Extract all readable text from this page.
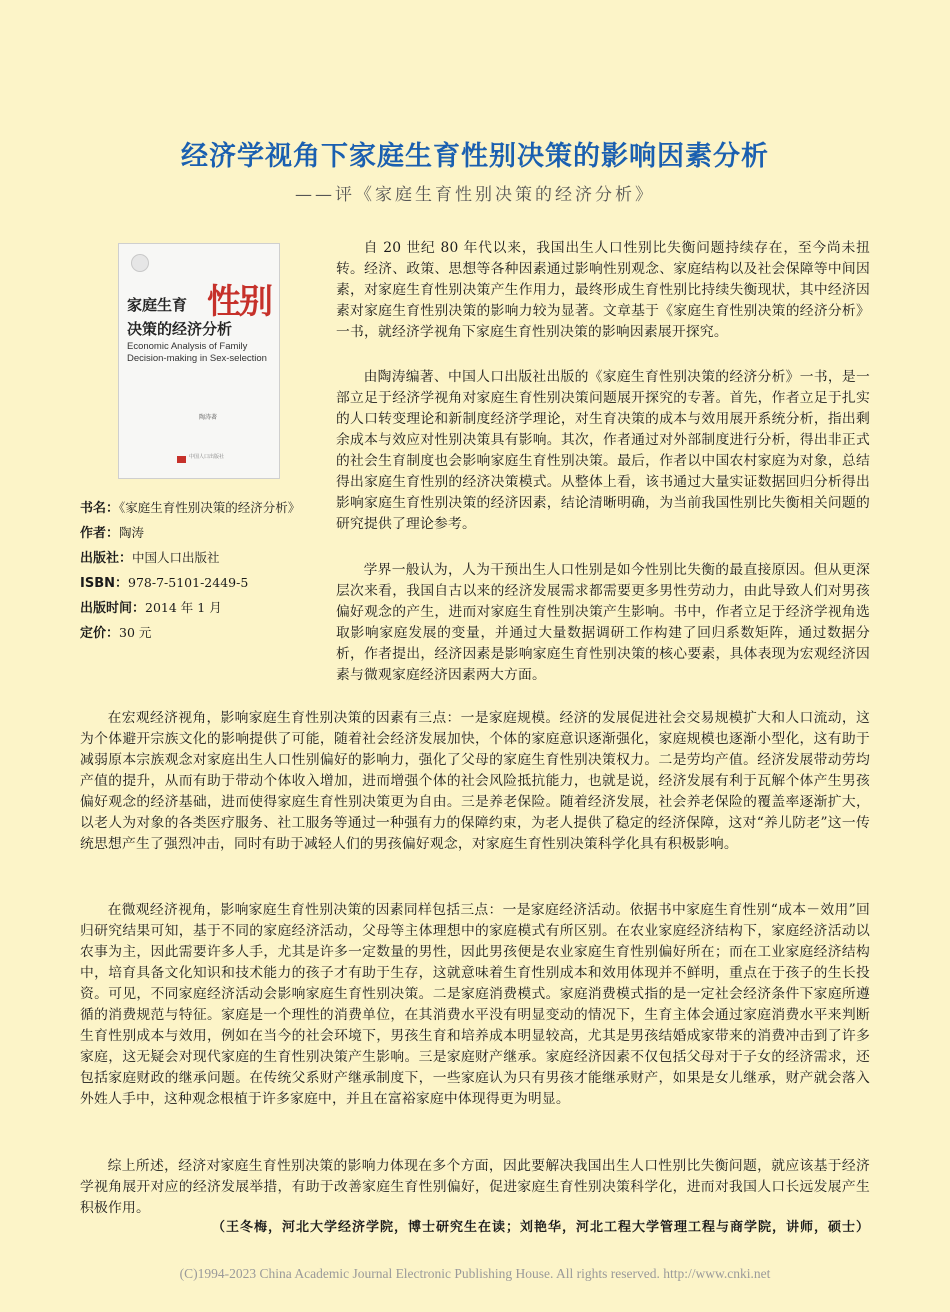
经济学视角下家庭生育性别决策的影响因素分析
——评《家庭生育性别决策的经济分析》
家庭生育 性别
决策的经济分析
Economic Analysis of Family Decision-making in Sex-selection
陶涛著
中国人口出版社
书名：《家庭生育性别决策的经济分析》
作者：陶涛
出版社：中国人口出版社
ISBN：978-7-5101-2449-5
出版时间：2014 年 1 月
定价：30 元

自 20 世纪 80 年代以来，我国出生人口性别比失衡问题持续存在，至今尚未扭转。经济、政策、思想等各种因素通过影响性别观念、家庭结构以及社会保障等中间因素，对家庭生育性别决策产生作用力，最终形成生育性别比持续失衡现状，其中经济因素对家庭生育性别决策的影响力较为显著。文章基于《家庭生育性别决策的经济分析》一书，就经济学视角下家庭生育性别决策的影响因素展开探究。

由陶涛编著、中国人口出版社出版的《家庭生育性别决策的经济分析》一书，是一部立足于经济学视角对家庭生育性别决策问题展开探究的专著。首先，作者立足于扎实的人口转变理论和新制度经济学理论，对生育决策的成本与效用展开系统分析，指出剩余成本与效应对性别决策具有影响。其次，作者通过对外部制度进行分析，得出非正式的社会生育制度也会影响家庭生育性别决策。最后，作者以中国农村家庭为对象，总结得出家庭生育性别的经济决策模式。从整体上看，该书通过大量实证数据回归分析得出影响家庭生育性别决策的经济因素，结论清晰明确，为当前我国性别比失衡相关问题的研究提供了理论参考。

学界一般认为，人为干预出生人口性别是如今性别比失衡的最直接原因。但从更深层次来看，我国自古以来的经济发展需求都需要更多男性劳动力，由此导致人们对男孩偏好观念的产生，进而对家庭生育性别决策产生影响。书中，作者立足于经济学视角选取影响家庭发展的变量，并通过大量数据调研工作构建了回归系数矩阵，通过数据分析，作者提出，经济因素是影响家庭生育性别决策的核心要素，具体表现为宏观经济因素与微观家庭经济因素两大方面。

在宏观经济视角，影响家庭生育性别决策的因素有三点：一是家庭规模。经济的发展促进社会交易规模扩大和人口流动，这为个体避开宗族文化的影响提供了可能，随着社会经济发展加快，个体的家庭意识逐渐强化，家庭规模也逐渐小型化，这有助于减弱原本宗族观念对家庭出生人口性别偏好的影响力，强化了父母的家庭生育性别决策权力。二是劳均产值。经济发展带动劳均产值的提升，从而有助于带动个体收入增加，进而增强个体的社会风险抵抗能力，也就是说，经济发展有利于瓦解个体产生男孩偏好观念的经济基础，进而使得家庭生育性别决策更为自由。三是养老保险。随着经济发展，社会养老保险的覆盖率逐渐扩大，以老人为对象的各类医疗服务、社工服务等通过一种强有力的保障约束，为老人提供了稳定的经济保障，这对“养儿防老”这一传统思想产生了强烈冲击，同时有助于减轻人们的男孩偏好观念，对家庭生育性别决策科学化具有积极影响。

在微观经济视角，影响家庭生育性别决策的因素同样包括三点：一是家庭经济活动。依据书中家庭生育性别“成本－效用”回归研究结果可知，基于不同的家庭经济活动，父母等主体理想中的家庭模式有所区别。在农业家庭经济结构下，家庭经济活动以农事为主，因此需要许多人手，尤其是许多一定数量的男性，因此男孩便是农业家庭生育性别偏好所在；而在工业家庭经济结构中，培育具备文化知识和技术能力的孩子才有助于生存，这就意味着生育性别成本和效用体现并不鲜明，重点在于孩子的生长投资。可见，不同家庭经济活动会影响家庭生育性别决策。二是家庭消费模式。家庭消费模式指的是一定社会经济条件下家庭所遵循的消费规范与特征。家庭是一个理性的消费单位，在其消费水平没有明显变动的情况下，生育主体会通过家庭消费水平来判断生育性别成本与效用，例如在当今的社会环境下，男孩生育和培养成本明显较高，尤其是男孩结婚成家带来的消费冲击到了许多家庭，这无疑会对现代家庭的生育性别决策产生影响。三是家庭财产继承。家庭经济因素不仅包括父母对于子女的经济需求，还包括家庭财政的继承问题。在传统父系财产继承制度下，一些家庭认为只有男孩才能继承财产，如果是女儿继承，财产就会落入外姓人手中，这种观念根植于许多家庭中，并且在富裕家庭中体现得更为明显。

综上所述，经济对家庭生育性别决策的影响力体现在多个方面，因此要解决我国出生人口性别比失衡问题，就应该基于经济学视角展开对应的经济发展举措，有助于改善家庭生育性别偏好，促进家庭生育性别决策科学化，进而对我国人口长远发展产生积极作用。

（王冬梅，河北大学经济学院，博士研究生在读；刘艳华，河北工程大学管理工程与商学院，讲师，硕士）
(C)1994-2023 China Academic Journal Electronic Publishing House. All rights reserved. http://www.cnki.net
